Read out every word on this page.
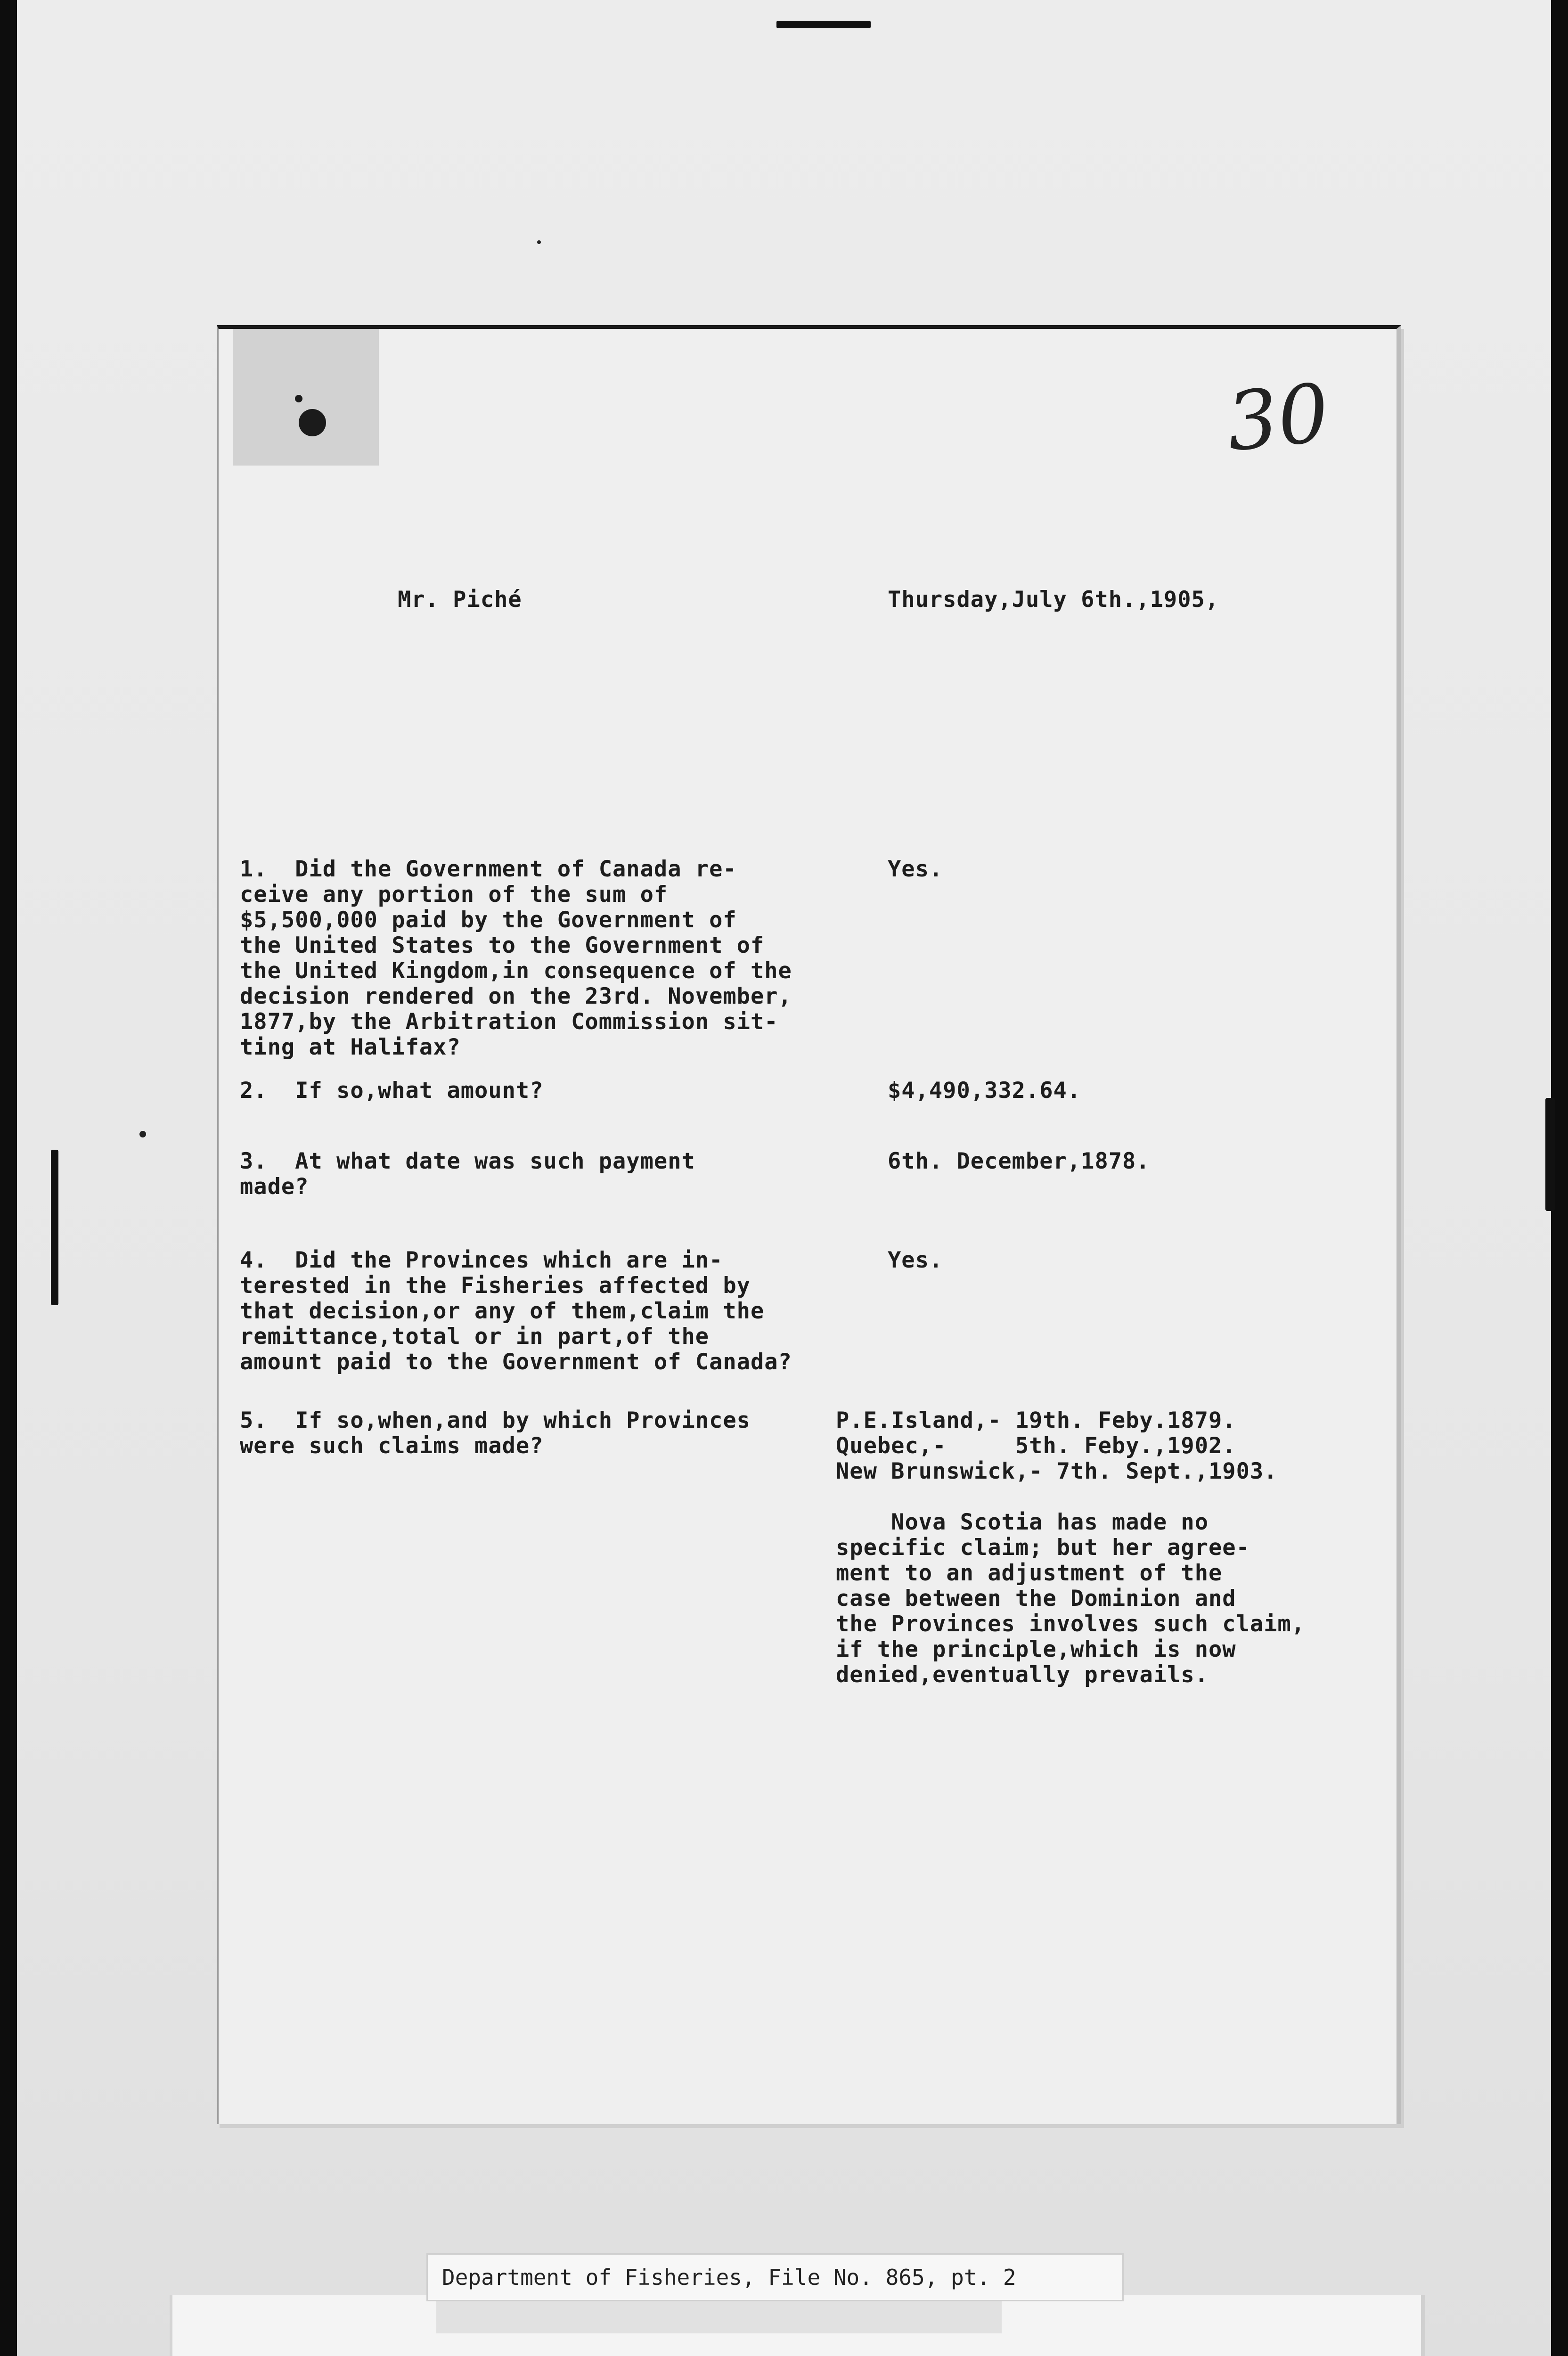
30
Mr. Piché	Thursday,July 6th.,1905,
1.  Did the Government of Canada re-
ceive any portion of the sum of
$5,500,000 paid by the Government of
the United States to the Government of
the United Kingdom,in consequence of the
decision rendered on the 23rd. November,
1877,by the Arbitration Commission sit-
ting at Halifax?
Yes.
2.  If so,what amount?	$4,490,332.64.
3.  At what date was such payment
made?
6th. December,1878.
4.  Did the Provinces which are in-
terested in the Fisheries affected by
that decision,or any of them,claim the
remittance,total or in part,of the
amount paid to the Government of Canada?
Yes.
5.  If so,when,and by which Provinces
were such claims made?
P.E.Island,- 19th. Feby.1879.
Quebec,-     5th. Feby.,1902.
New Brunswick,- 7th. Sept.,1903.
Nova Scotia has made no
specific claim; but her agree-
ment to an adjustment of the
case between the Dominion and
the Provinces involves such claim,
if the principle,which is now
denied,eventually prevails.
Department of Fisheries, File No. 865, pt. 2
